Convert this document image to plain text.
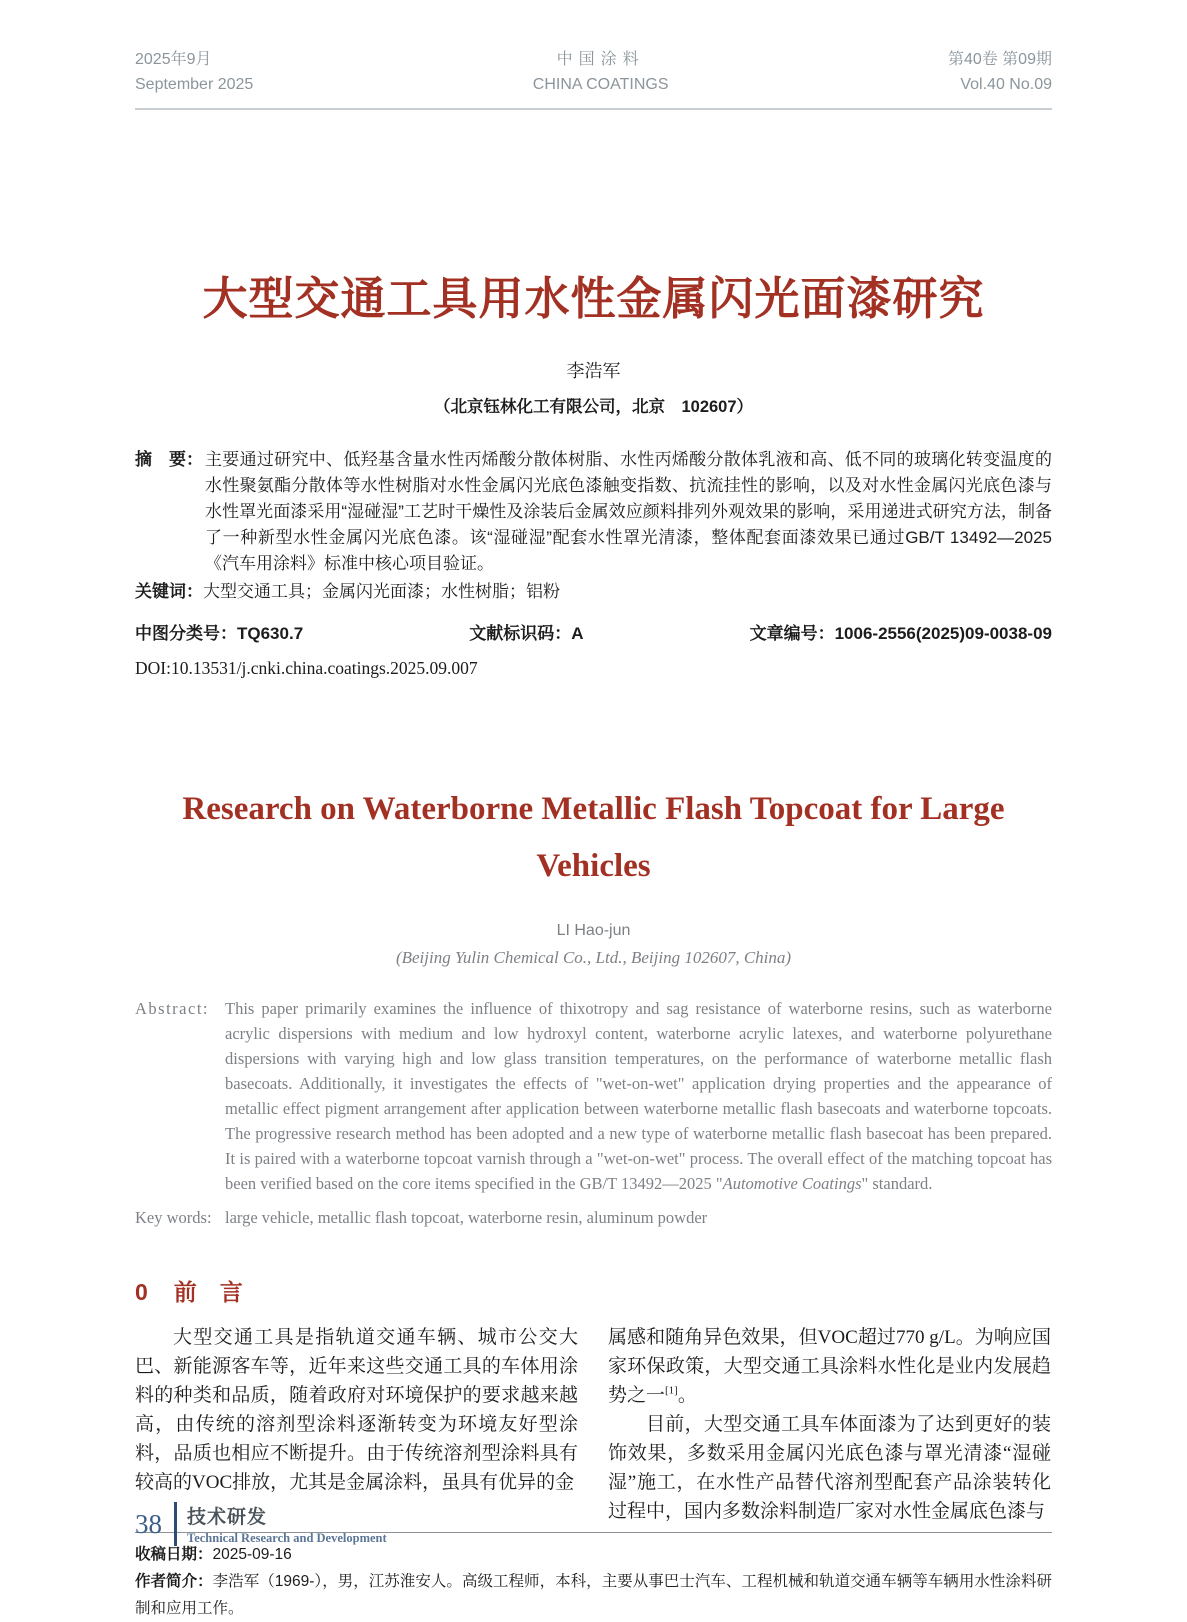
2025年9月
September 2025
中国涂料
CHINA COATINGS
第40卷 第09期
Vol.40 No.09
大型交通工具用水性金属闪光面漆研究
李浩军
（北京钰林化工有限公司，北京　102607）
摘　要： 主要通过研究中、低羟基含量水性丙烯酸分散体树脂、水性丙烯酸分散体乳液和高、低不同的玻璃化转变温度的水性聚氨酯分散体等水性树脂对水性金属闪光底色漆触变指数、抗流挂性的影响，以及对水性金属闪光底色漆与水性罩光面漆采用“湿碰湿”工艺时干燥性及涂装后金属效应颜料排列外观效果的影响，采用递进式研究方法，制备了一种新型水性金属闪光底色漆。该“湿碰湿”配套水性罩光清漆，整体配套面漆效果已通过GB/T 13492—2025《汽车用涂料》标准中核心项目验证。
关键词：大型交通工具；金属闪光面漆；水性树脂；铝粉
中图分类号：TQ630.7	文献标识码：A	文章编号：1006-2556(2025)09-0038-09
DOI:10.13531/j.cnki.china.coatings.2025.09.007
Research on Waterborne Metallic Flash Topcoat for Large Vehicles
LI Hao-jun
(Beijing Yulin Chemical Co., Ltd., Beijing 102607, China)
Abstract: This paper primarily examines the influence of thixotropy and sag resistance of waterborne resins, such as waterborne acrylic dispersions with medium and low hydroxyl content, waterborne acrylic latexes, and waterborne polyurethane dispersions with varying high and low glass transition temperatures, on the performance of waterborne metallic flash basecoats. Additionally, it investigates the effects of "wet-on-wet" application drying properties and the appearance of metallic effect pigment arrangement after application between waterborne metallic flash basecoats and waterborne topcoats. The progressive research method has been adopted and a new type of waterborne metallic flash basecoat has been prepared. It is paired with a waterborne topcoat varnish through a "wet-on-wet" process. The overall effect of the matching topcoat has been verified based on the core items specified in the GB/T 13492—2025 "Automotive Coatings" standard.
Key words: large vehicle, metallic flash topcoat, waterborne resin, aluminum powder
0 前　言

大型交通工具是指轨道交通车辆、城市公交大巴、新能源客车等，近年来这些交通工具的车体用涂料的种类和品质，随着政府对环境保护的要求越来越高，由传统的溶剂型涂料逐渐转变为环境友好型涂料，品质也相应不断提升。由于传统溶剂型涂料具有较高的VOC排放，尤其是金属涂料，虽具有优异的金

属感和随角异色效果，但VOC超过770 g/L。为响应国家环保政策，大型交通工具涂料水性化是业内发展趋势之一[1]。

目前，大型交通工具车体面漆为了达到更好的装饰效果，多数采用金属闪光底色漆与罩光清漆“湿碰湿”施工，在水性产品替代溶剂型配套产品涂装转化过程中，国内多数涂料制造厂家对水性金属底色漆与

收稿日期：2025-09-16

作者简介：李浩军（1969-），男，江苏淮安人。高级工程师，本科，主要从事巴士汽车、工程机械和轨道交通车辆等车辆用水性涂料研制和应用工作。

38 技术研发
Technical Research and Development
